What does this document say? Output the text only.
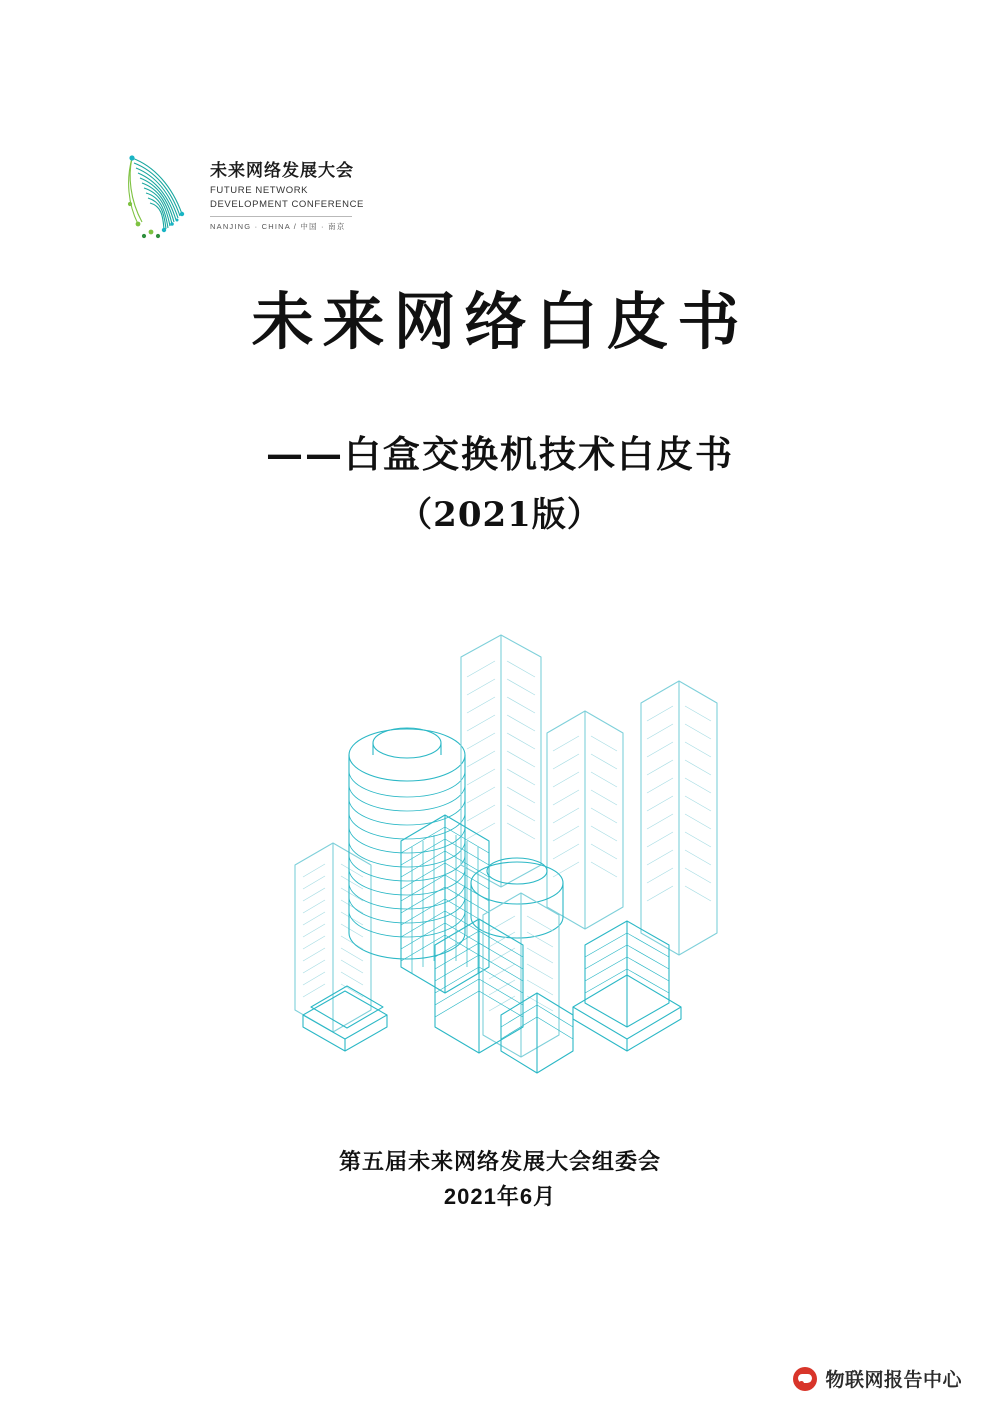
未来网络发展大会
FUTURE NETWORK
DEVELOPMENT CONFERENCE
NANJING · CHINA / 中国 · 南京
未来网络白皮书
——白盒交换机技术白皮书
（2021版）
第五届未来网络发展大会组委会
2021年6月
物联网报告中心
